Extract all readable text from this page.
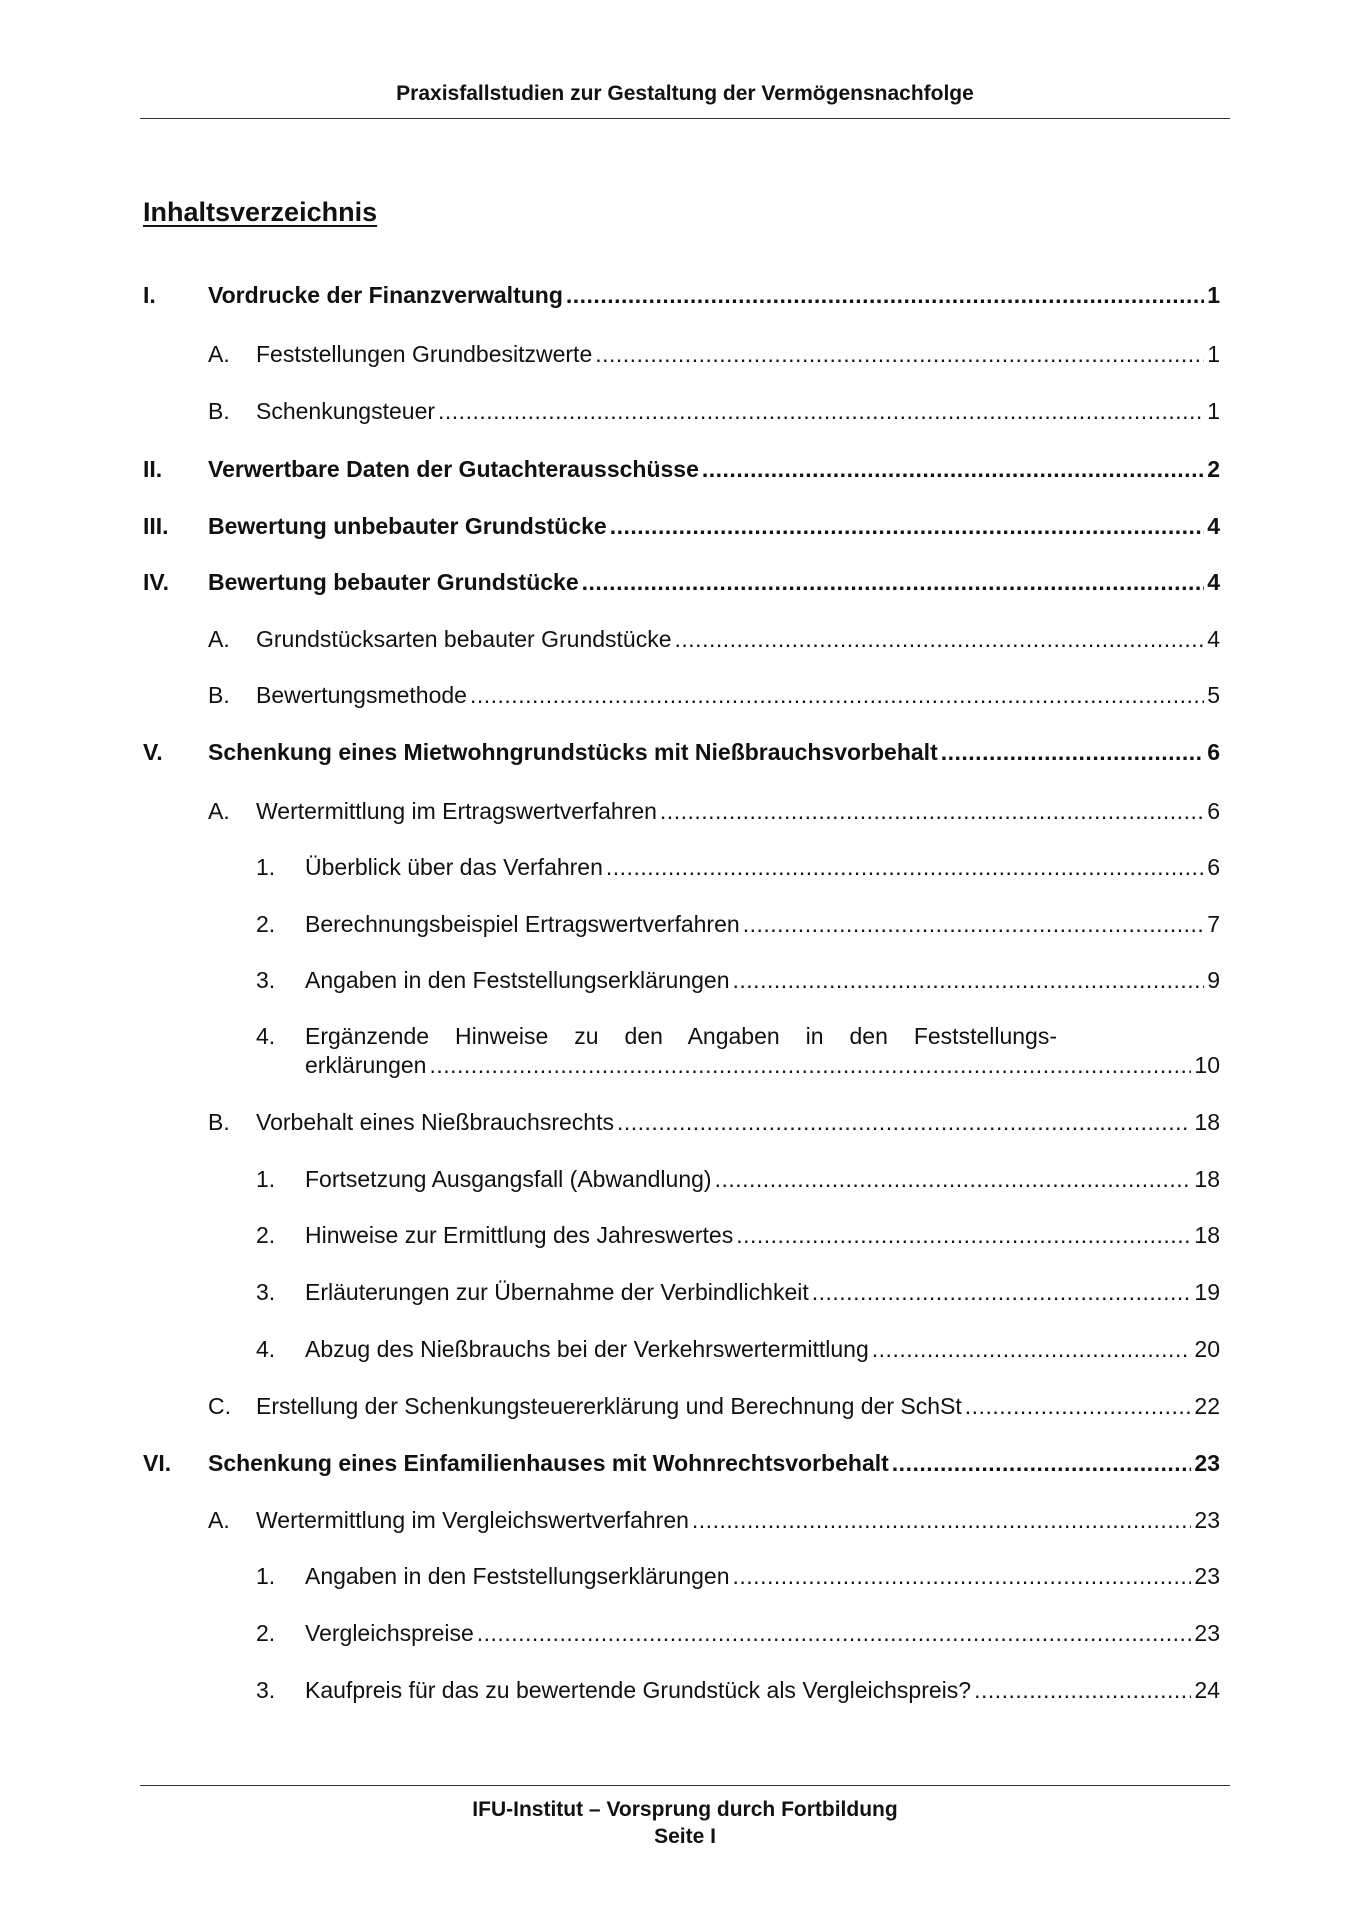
Praxisfallstudien zur Gestaltung der Vermögensnachfolge
Inhaltsverzeichnis
I. Vordrucke der Finanzverwaltung .....	1
A. Feststellungen Grundbesitzwerte .....	1
B. Schenkungsteuer .....	1
II. Verwertbare Daten der Gutachterausschüsse .....	2
III. Bewertung unbebauter Grundstücke .....	4
IV. Bewertung bebauter Grundstücke .....	4
A. Grundstücksarten bebauter Grundstücke .....	4
B. Bewertungsmethode .....	5
V. Schenkung eines Mietwohngrundstücks mit Nießbrauchsvorbehalt .....	6
A. Wertermittlung im Ertragswertverfahren .....	6
1. Überblick über das Verfahren .....	6
2. Berechnungsbeispiel Ertragswertverfahren .....	7
3. Angaben in den Feststellungserklärungen .....	9
4. Ergänzende Hinweise zu den Angaben in den Feststellungs-
erklärungen .....	10
B. Vorbehalt eines Nießbrauchsrechts .....	18
1. Fortsetzung Ausgangsfall (Abwandlung) .....	18
2. Hinweise zur Ermittlung des Jahreswertes .....	18
3. Erläuterungen zur Übernahme der Verbindlichkeit .....	19
4. Abzug des Nießbrauchs bei der Verkehrswertermittlung .....	20
C. Erstellung der Schenkungsteuererklärung und Berechnung der SchSt .....	22
VI. Schenkung eines Einfamilienhauses mit Wohnrechtsvorbehalt .....	23
A. Wertermittlung im Vergleichswertverfahren .....	23
1. Angaben in den Feststellungserklärungen .....	23
2. Vergleichspreise .....	23
3. Kaufpreis für das zu bewertende Grundstück als Vergleichspreis? .....	24
IFU-Institut – Vorsprung durch Fortbildung
Seite I
